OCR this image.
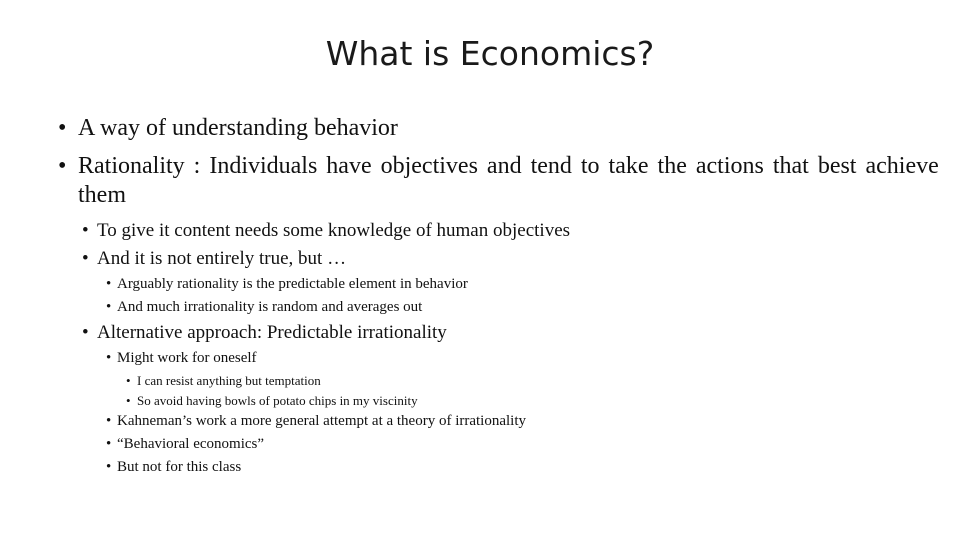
What is Economics?
• A way of understanding behavior
• Rationality : Individuals have objectives and tend to take the actions that best achieve them
• To give it content needs some knowledge of human objectives
• And it is not entirely true, but …
• Arguably rationality is the predictable element in behavior
• And much irrationality is random and averages out
• Alternative approach: Predictable irrationality
• Might work for oneself
• I can resist anything but temptation
• So avoid having bowls of potato chips in my viscinity
• Kahneman’s work a more general attempt at a theory of irrationality
• “Behavioral economics”
• But not for this class
